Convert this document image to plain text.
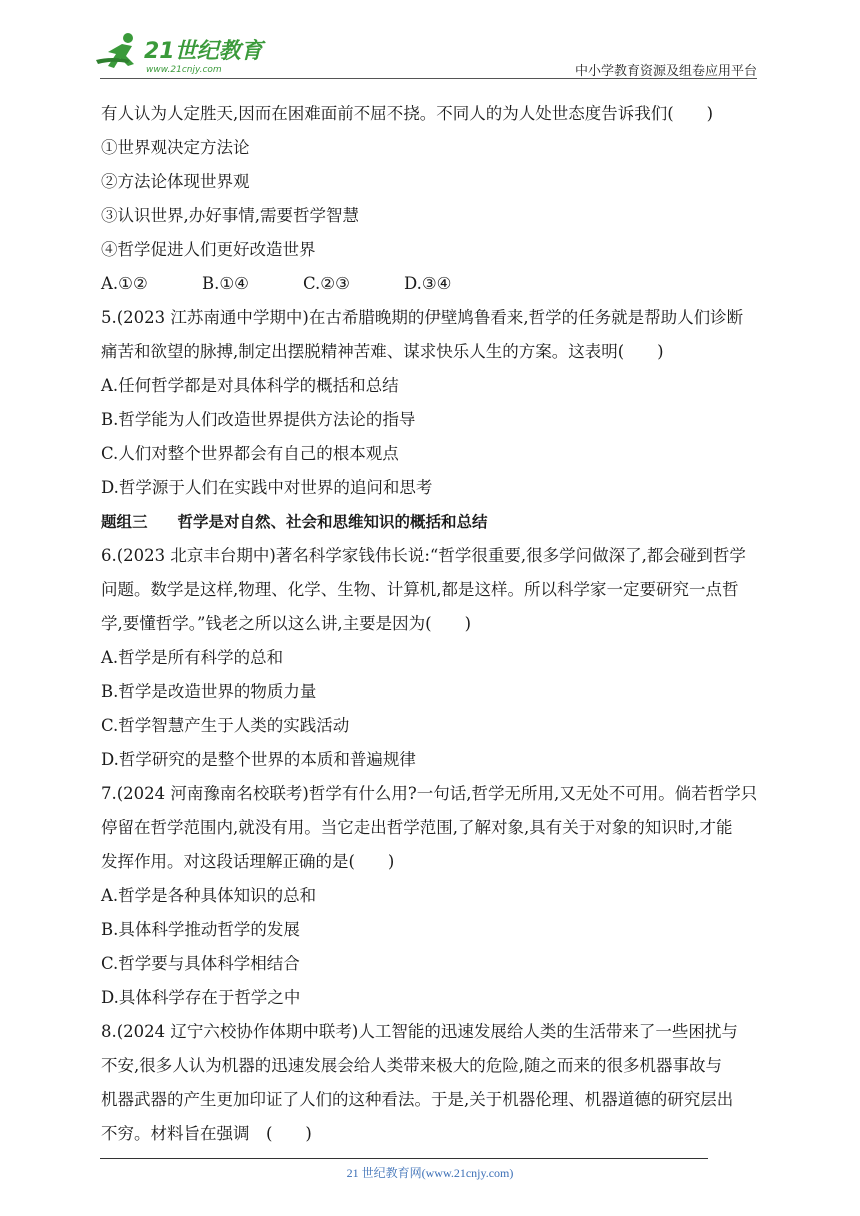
21世纪教育
www.21cnjy.com	中小学教育资源及组卷应用平台
有人认为人定胜天,因而在困难面前不屈不挠。不同人的为人处世态度告诉我们(　　)
①世界观决定方法论
②方法论体现世界观
③认识世界,办好事情,需要哲学智慧
④哲学促进人们更好改造世界
A.①②	B.①④	C.②③	D.③④
5.(2023 江苏南通中学期中)在古希腊晚期的伊壁鸠鲁看来,哲学的任务就是帮助人们诊断
痛苦和欲望的脉搏,制定出摆脱精神苦难、谋求快乐人生的方案。这表明(　　)
A.任何哲学都是对具体科学的概括和总结
B.哲学能为人们改造世界提供方法论的指导
C.人们对整个世界都会有自己的根本观点
D.哲学源于人们在实践中对世界的追问和思考
题组三 哲学是对自然、社会和思维知识的概括和总结
6.(2023 北京丰台期中)著名科学家钱伟长说:“哲学很重要,很多学问做深了,都会碰到哲学
问题。数学是这样,物理、化学、生物、计算机,都是这样。所以科学家一定要研究一点哲
学,要懂哲学。”钱老之所以这么讲,主要是因为(　　)
A.哲学是所有科学的总和
B.哲学是改造世界的物质力量
C.哲学智慧产生于人类的实践活动
D.哲学研究的是整个世界的本质和普遍规律
7.(2024 河南豫南名校联考)哲学有什么用?一句话,哲学无所用,又无处不可用。倘若哲学只
停留在哲学范围内,就没有用。当它走出哲学范围,了解对象,具有关于对象的知识时,才能
发挥作用。对这段话理解正确的是(　　)
A.哲学是各种具体知识的总和
B.具体科学推动哲学的发展
C.哲学要与具体科学相结合
D.具体科学存在于哲学之中
8.(2024 辽宁六校协作体期中联考)人工智能的迅速发展给人类的生活带来了一些困扰与
不安,很多人认为机器的迅速发展会给人类带来极大的危险,随之而来的很多机器事故与
机器武器的产生更加印证了人们的这种看法。于是,关于机器伦理、机器道德的研究层出
不穷。材料旨在强调　(　　)
21 世纪教育网(www.21cnjy.com)
